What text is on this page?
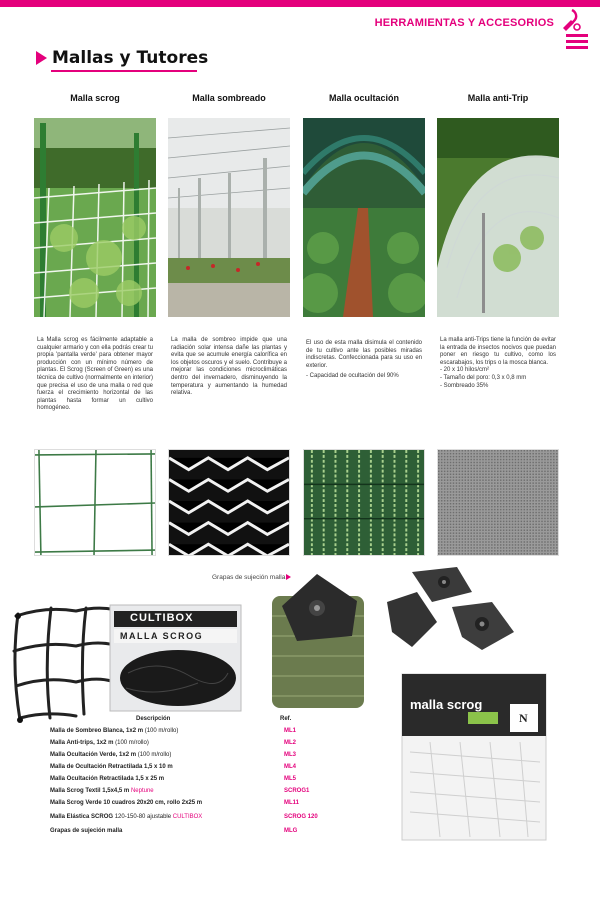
HERRAMIENTAS Y ACCESORIOS
Mallas y Tutores
Malla scrog	Malla sombreado	Malla ocultación	Malla anti-Trip
La Malla scrog es fácilmente adaptable a cualquier armario y con ella podrás crear tu propia 'pantalla verde' para obtener mayor producción con un mínimo número de plantas. El Scrog (Screen of Green) es una técnica de cultivo (normalmente en interior) que precisa el uso de una malla o red que fuerza el crecimiento horizontal de las plantas hasta formar un cultivo homogéneo.
La malla de sombreo impide que una radiación solar intensa dañe las plantas y evita que se acumule energía calorífica en los objetos oscuros y el suelo. Contribuye a mejorar las condiciones microclimáticas dentro del invernadero, disminuyendo la temperatura y aumentando la humedad relativa.
El uso de esta malla disimula el contenido de tu cultivo ante las posibles miradas indiscretas. Confeccionada para su uso en exterior.
- Capacidad de ocultación del 90%
La malla anti-Trips tiene la función de evitar la entrada de insectos nocivos que puedan poner en riesgo tu cultivo, como los escarabajos, los trips o la mosca blanca.
- 20 x 10 hilos/cm²
- Tamaño del poro: 0,3 x 0,8 mm
- Sombreado 35%
Grapas de sujeción malla
CULTIBOX
MALLA SCROG
malla scrog
N
Descripción	Ref.
Malla de Sombreo Blanca, 1x2 m (100 m/rollo)	ML1
Malla Anti-trips, 1x2 m (100 m/rollo)	ML2
Malla Ocultación Verde, 1x2 m (100 m/rollo)	ML3
Malla de Ocultación Retractilada 1,5 x 10 m	ML4
Malla Ocultación Retractilada 1,5 x 25 m	ML5
Malla Scrog Textil 1,5x4,5 m Neptune	SCROG1
Malla Scrog Verde 10 cuadros 20x20 cm, rollo 2x25 m	ML11
Malla Elástica SCROG 120-150-80 ajustable CULTIBOX	SCROG 120
Grapas de sujeción malla	MLG
